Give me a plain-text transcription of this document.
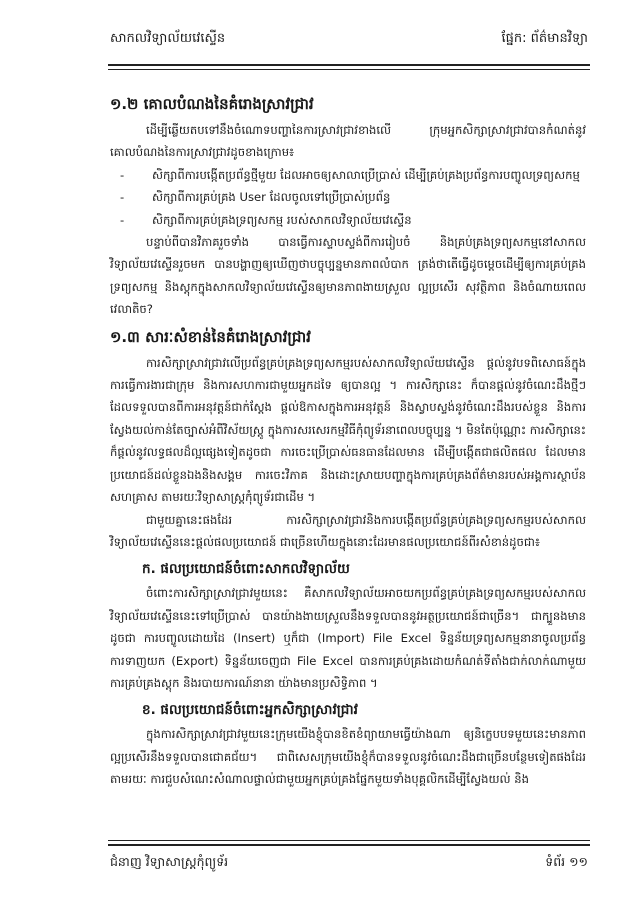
សាកលវិទ្យាល័យវេស្ទើន	ផ្នែក: ព័ត៌មានវិទ្យា
១.២ គោលបំណងនៃគំរោងស្រាវជ្រាវ

ដើម្បីឆ្លើយតបទៅនឹងចំណោទបញ្ហានៃការស្រាវជ្រាវខាងលើ ក្រុមអ្នកសិក្សាស្រាវជ្រាវបានកំណត់នូវគោលបំណងនៃការស្រាវជ្រាវដូចខាងក្រោម៖

- សិក្សាពីការបង្កើតប្រព័ន្ធថ្មីមួយ ដែលអាចឲ្យសាលាប្រើប្រាស់ ដើម្បីគ្រប់គ្រងប្រព័ន្ធការបញ្ចូលទ្រព្យសកម្ម
- សិក្សាពីការគ្រប់គ្រង User ដែលចូលទៅប្រើប្រាស់ប្រព័ន្ធ
- សិក្សាពីការគ្រប់គ្រងទ្រព្យសកម្ម របស់សាកលវិទ្យាល័យវេស្ទើន

បន្ទាប់ពីបានវិភាគរួចទាំង បានធ្វើការស្ទាបស្ទង់ពីការរៀបចំ និងគ្រប់គ្រងទ្រព្យសកម្មនៅសាកលវិទ្យាល័យវេស្ទើនរួចមក បានបង្ហាញឲ្យឃើញថាបច្ចុប្បន្នមានភាពលំបាក ត្រង់ថាតើធ្វើដូចម្តេចដើម្បីឲ្យការគ្រប់គ្រងទ្រព្យសកម្ម និងស្តុកក្នុងសាកលវិទ្យាល័យវេស្ទើនឲ្យមានភាពងាយស្រួល ល្អប្រសើរ សុវត្ថិភាព និងចំណាយពេលវេលាតិច?

១.៣ សារៈសំខាន់នៃគំរោងស្រាវជ្រាវ

ការសិក្សាស្រាវជ្រាវលើប្រព័ន្ធគ្រប់គ្រងទ្រព្យសកម្មរបស់សាកលវិទ្យាល័យវេស្ទើន ផ្តល់នូវបទពិសោធន៍ក្នុងការធ្វើការងារជាក្រុម និងការសហការជាមួយអ្នកដទៃ ឲ្យបានល្អ ។ ការសិក្សានេះ ក៏បានផ្តល់នូវចំណេះដឹងថ្មីៗ ដែលទទួលបានពីការអនុវត្តន៍ជាក់ស្តែង ផ្តល់ឱកាសក្នុងការអនុវត្តន៍ និងស្វាបស្ទង់នូវចំណេះដឹងរបស់ខ្លួន និងការស្វែងយល់កាន់តែច្បាស់អំពីវិស័យស្រ្តូ ក្នុងការសរសេរកម្មវិធីកុំព្យូទ័រនាពេលបច្ចុប្បន្ន ។ មិនតែប៉ុណ្ណោះ ការសិក្សានេះក៏ផ្តល់នូវលទ្ធផលដ៏ល្អផ្សេងទៀតដូចជា ការចេះប្រើប្រាស់ធនធានដែលមាន ដើម្បីបង្កើតជាផលិតផល ដែលមានប្រយោជន៍ដល់ខ្លួនឯងនិងសង្គម ការចេះវិភាគ និងដោះស្រាយបញ្ហាក្នុងការគ្រប់គ្រងព័ត៌មានរបស់អង្គការស្ថាប័ន សហគ្រាស តាមរយៈវិទ្យាសាស្រ្តកុំព្យូទ័រជាដើម ។

ជាមួយគ្នានេះផងដែរ ការសិក្សាស្រាវជ្រាវនិងការបង្កើតប្រព័ន្ធគ្រប់គ្រងទ្រព្យសកម្មរបស់សាកលវិទ្យាល័យវេស្ទើននេះផ្តល់ផលប្រយោជន៍ ជាច្រើនហើយក្នុងនោះដែរមានផលប្រយោជន៍ពីរសំខាន់ដូចជា៖

ក. ផលប្រយោជន៍ចំពោះសាកលវិទ្យាល័យ

ចំពោះការសិក្សាស្រាវជ្រាវមួយនេះ គឺសាកលវិទ្យាល័យអាចយកប្រព័ន្ធគ្រប់គ្រងទ្រព្យសកម្មរបស់សាកលវិទ្យាល័យវេស្ទើននេះទៅប្រើប្រាស់ បានយ៉ាងងាយស្រួលនឹងទទួលបាននូវអត្ថប្រយោជន៍ជាច្រើន។ ជាក្បួនងមានដូចជា ការបញ្ចូលដោយដៃ (Insert) ឬក៏ជា (Import) File Excel ទិន្នន័យទ្រព្យសកម្មនានាចូលប្រព័ន្ធ ការទាញយក (Export) ទិន្នន័យចេញជា File Excel បានការគ្រប់គ្រងដោយកំណត់ទីតាំងជាក់លាក់ណាមួយ ការគ្រប់គ្រងស្តុក និងរបាយការណ៍នានា យ៉ាងមានប្រសិទ្ធិភាព ។

ខ. ផលប្រយោជន៍ចំពោះអ្នកសិក្សាស្រាវជ្រាវ

ក្នុងការសិក្សាស្រាវជ្រាវមួយនេះក្រុមយើងខ្ញុំបានខិតខំព្យាយាមធ្វើយ៉ាងណា ឲ្យនិក្ខេបបទមួយនេះមានភាពល្អប្រសើរនឹងទទួលបានជោគជ័យ។ ជាពិសេសក្រុមយើងខ្ញុំក៏បានទទួលនូវចំណេះដឹងជាច្រើនបន្ថែមទៀតផងដែរតាមរយៈ ការជួបសំណេះសំណាលផ្ទាល់ជាមួយអ្នកគ្រប់គ្រងផ្នែកមួយទាំងបុគ្គលិកដើម្បីស្វែងយល់ និង

ជំនាញ វិទ្យាសាស្រ្តកុំព្យូទ័រ	ទំព័រ ១១
